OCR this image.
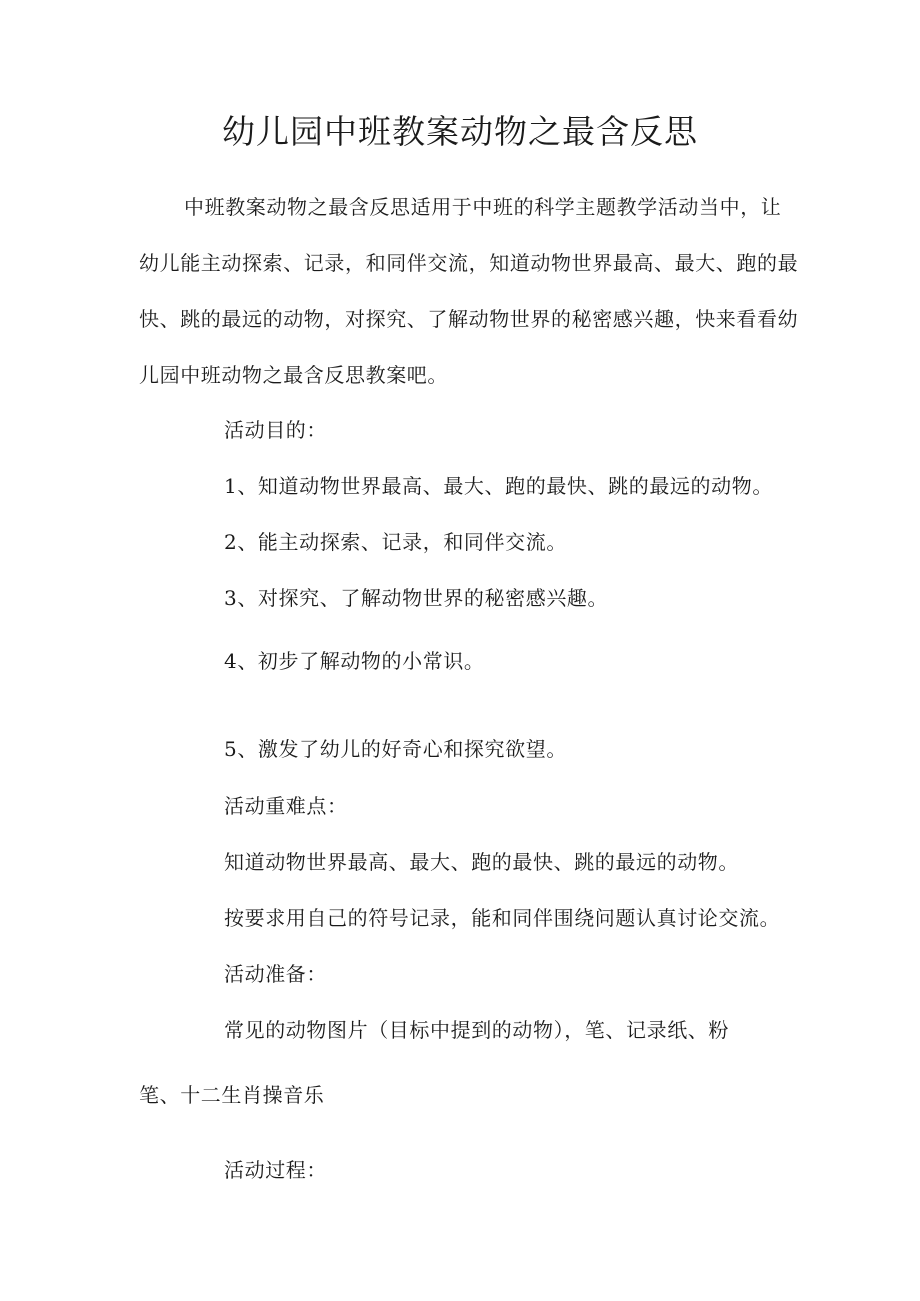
幼儿园中班教案动物之最含反思
中班教案动物之最含反思适用于中班的科学主题教学活动当中，让
幼儿能主动探索、记录，和同伴交流，知道动物世界最高、最大、跑的最
快、跳的最远的动物，对探究、了解动物世界的秘密感兴趣，快来看看幼
儿园中班动物之最含反思教案吧。
活动目的：
1、知道动物世界最高、最大、跑的最快、跳的最远的动物。
2、能主动探索、记录，和同伴交流。
3、对探究、了解动物世界的秘密感兴趣。
4、初步了解动物的小常识。
5、激发了幼儿的好奇心和探究欲望。
活动重难点：
知道动物世界最高、最大、跑的最快、跳的最远的动物。
按要求用自己的符号记录，能和同伴围绕问题认真讨论交流。
活动准备：
常见的动物图片（目标中提到的动物），笔、记录纸、粉
笔、十二生肖操音乐
活动过程：
